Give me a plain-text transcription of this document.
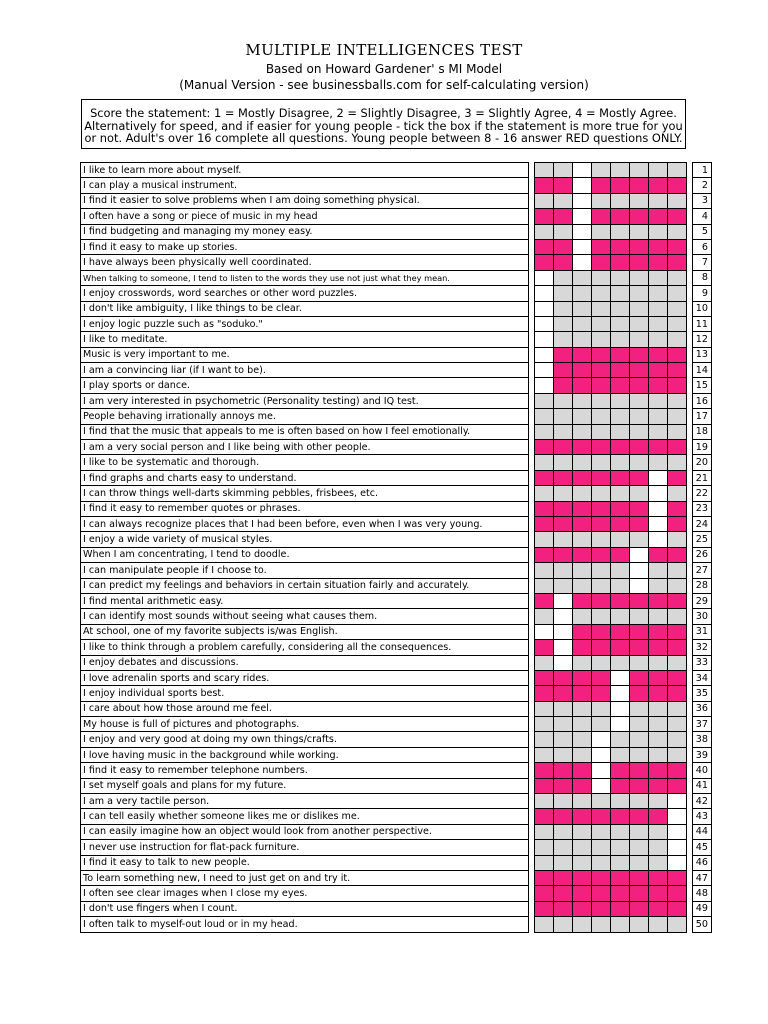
MULTIPLE INTELLIGENCES TEST
Based on Howard Gardener' s MI Model
(Manual Version - see businessballs.com for self-calculating version)
Score the statement: 1 = Mostly Disagree, 2 = Slightly Disagree, 3 = Slightly Agree, 4 = Mostly Agree.
Alternatively for speed, and if easier for young people - tick the box if the statement is more true for you
or not. Adult's over 16 complete all questions. Young people between 8 - 16 answer RED questions ONLY.
I like to learn more about myself.											1
I can play a musical instrument.											2
I find it easier to solve problems when I am doing something physical.											3
I often have a song or piece of music in my head											4
I find budgeting and managing my money easy.											5
I find it easy to make up stories.											6
I have always been physically well coordinated.											7
When talking to someone, I tend to listen to the words they use not just what they mean.											8
I enjoy crosswords, word searches or other word puzzles.											9
I don't like ambiguity, I like things to be clear.											10
I enjoy logic puzzle such as "soduko."											11
I like to meditate.											12
Music is very important to me.											13
I am a convincing liar (if I want to be).											14
I play sports or dance.											15
I am very interested in psychometric (Personality testing) and IQ test.											16
People behaving irrationally annoys me.											17
I find that the music that appeals to me is often based on how I feel emotionally.											18
I am a very social person and I like being with other people.											19
I like to be systematic and thorough.											20
I find graphs and charts easy to understand.											21
I can throw things well-darts skimming pebbles, frisbees, etc.											22
I find it easy to remember quotes or phrases.											23
I can always recognize places that I had been before, even when I was very young.											24
I enjoy a wide variety of musical styles.											25
When I am concentrating, I tend to doodle.											26
I can manipulate people if I choose to.											27
I can predict my feelings and behaviors in certain situation fairly and accurately.											28
I find mental arithmetic easy.											29
I can identify most sounds without seeing what causes them.											30
At school, one of my favorite subjects is/was English.											31
I like to think through a problem carefully, considering all the consequences.											32
I enjoy debates and discussions.											33
I love adrenalin sports and scary rides.											34
I enjoy individual sports best.											35
I care about how those around me feel.											36
My house is full of pictures and photographs.											37
I enjoy and very good at doing my own things/crafts.											38
I love having music in the background while working.											39
I find it easy to remember telephone numbers.											40
I set myself goals and plans for my future.											41
I am a very tactile person.											42
I can tell easily whether someone likes me or dislikes me.											43
I can easily imagine how an object would look from another perspective.											44
I never use instruction for flat-pack furniture.											45
I find it easy to talk to new people.											46
To learn something new, I need to just get on and try it.											47
I often see clear images when I close my eyes.											48
I don't use fingers when I count.											49
I often talk to myself-out loud or in my head.											50
